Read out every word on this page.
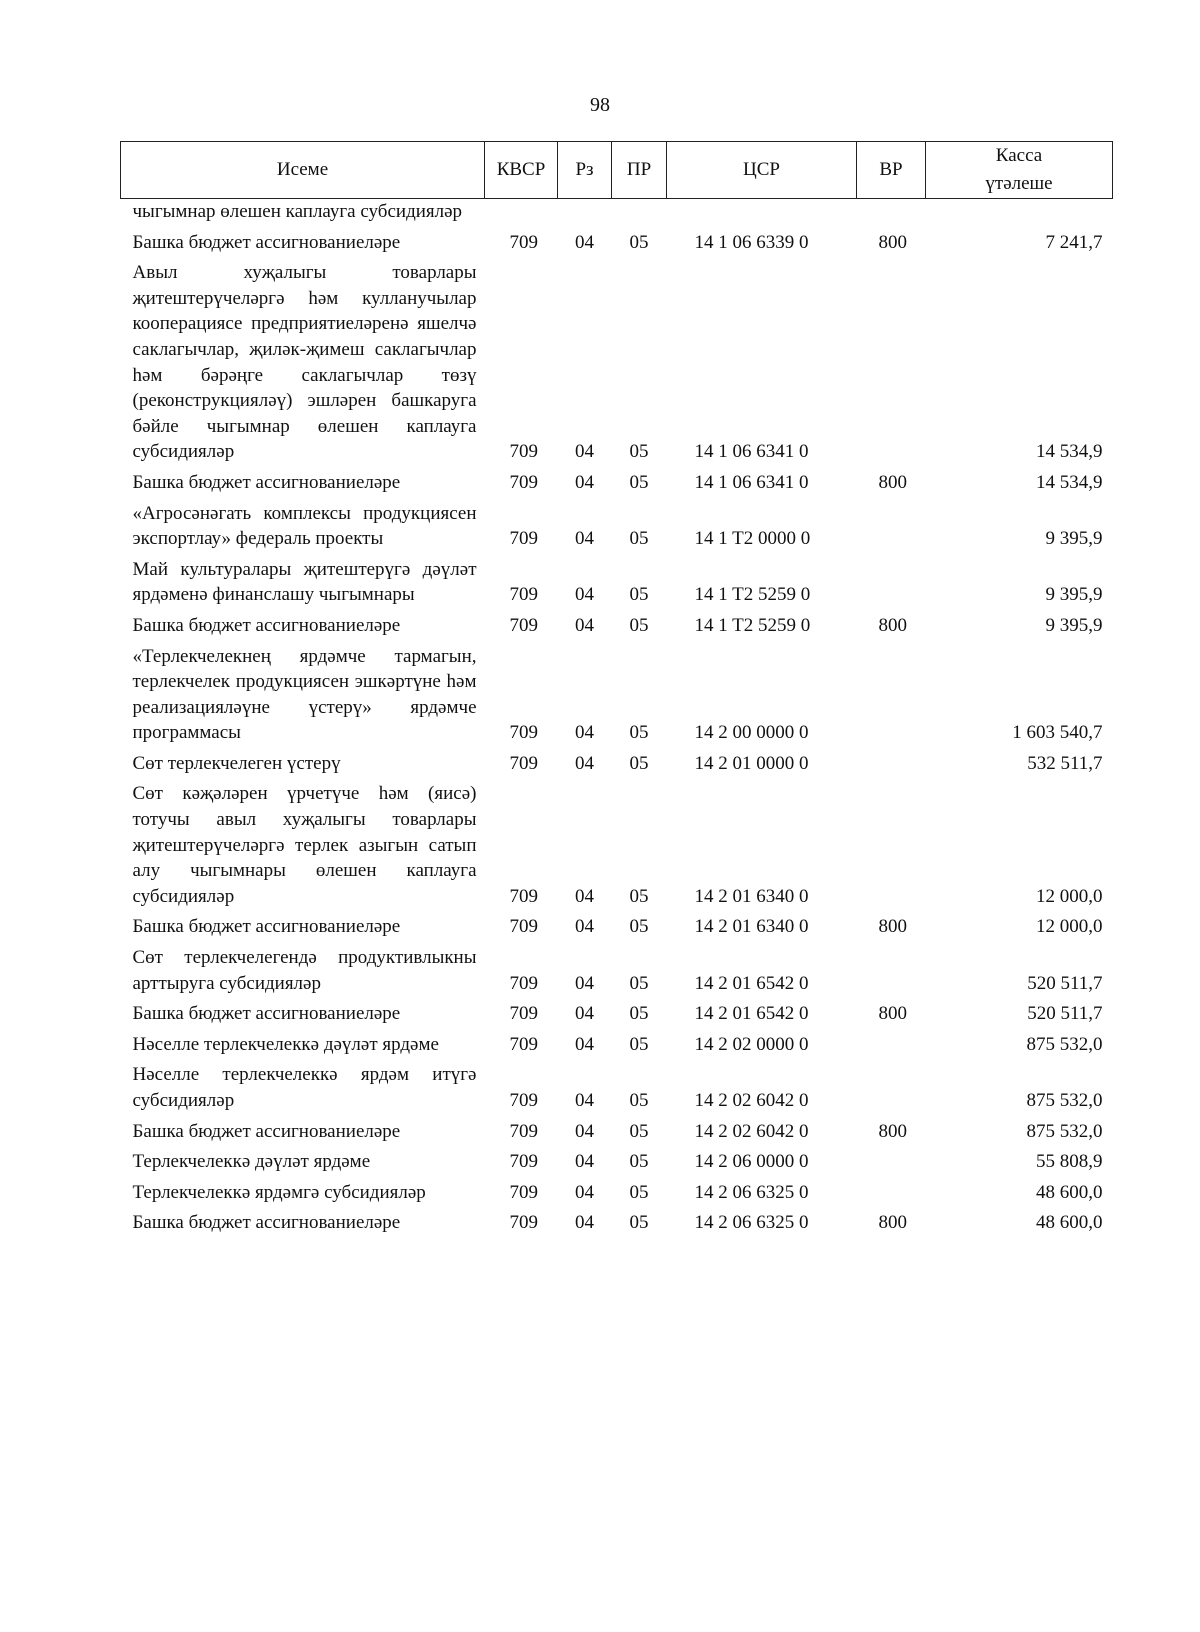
98
Исеме	КВСР	Рз	ПР	ЦСР	ВР	Касса
үтәлеше
чыгымнар өлешен каплауга субсидияләр						
Башка бюджет ассигнованиеләре	709	04	05	14 1 06 6339 0	800	7 241,7
Авыл хуҗалыгы товарлары җитештерүчеләргә һәм кулланучылар кооперациясе предприятиеләренә яшелчә саклагычлар, җиләк-җимеш саклагычлар һәм бәрәңге саклагычлар төзү (реконструкцияләү) эшләрен башкаруга бәйле чыгымнар өлешен каплауга субсидияләр	709	04	05	14 1 06 6341 0		14 534,9
Башка бюджет ассигнованиеләре	709	04	05	14 1 06 6341 0	800	14 534,9
«Агросәнәгать комплексы продукциясен экспортлау» федераль проекты	709	04	05	14 1 T2 0000 0		9 395,9
Май культуралары җитештерүгә дәүләт ярдәменә финанслашу чыгымнары	709	04	05	14 1 T2 5259 0		9 395,9
Башка бюджет ассигнованиеләре	709	04	05	14 1 T2 5259 0	800	9 395,9
«Терлекчелекнең ярдәмче тармагын, терлекчелек продукциясен эшкәртүне һәм реализацияләүне үстерү» ярдәмче программасы	709	04	05	14 2 00 0000 0		1 603 540,7
Сөт терлекчелеген үстерү	709	04	05	14 2 01 0000 0		532 511,7
Сөт кәҗәләрен үрчетүче һәм (яисә) тотучы авыл хуҗалыгы товарлары җитештерүчеләргә терлек азыгын сатып алу чыгымнары өлешен каплауга субсидияләр	709	04	05	14 2 01 6340 0		12 000,0
Башка бюджет ассигнованиеләре	709	04	05	14 2 01 6340 0	800	12 000,0
Сөт терлекчелегендә продуктивлыкны арттыруга субсидияләр	709	04	05	14 2 01 6542 0		520 511,7
Башка бюджет ассигнованиеләре	709	04	05	14 2 01 6542 0	800	520 511,7
Нәселле терлекчелеккә дәүләт ярдәме	709	04	05	14 2 02 0000 0		875 532,0
Нәселле терлекчелеккә ярдәм итүгә субсидияләр	709	04	05	14 2 02 6042 0		875 532,0
Башка бюджет ассигнованиеләре	709	04	05	14 2 02 6042 0	800	875 532,0
Терлекчелеккә дәүләт ярдәме	709	04	05	14 2 06 0000 0		55 808,9
Терлекчелеккә ярдәмгә субсидияләр	709	04	05	14 2 06 6325 0		48 600,0
Башка бюджет ассигнованиеләре	709	04	05	14 2 06 6325 0	800	48 600,0
